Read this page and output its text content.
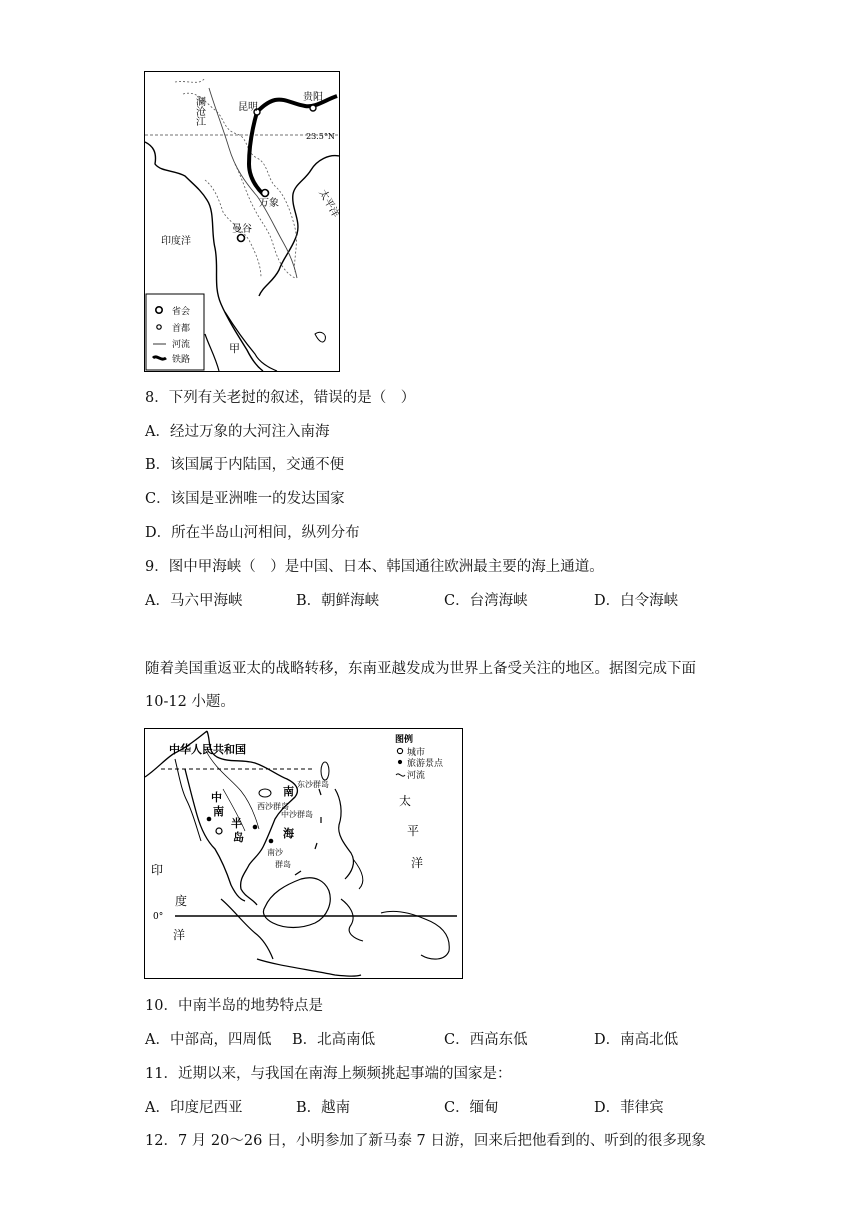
澜沧江	昆明
贵阳
23.5°N
万象	太平洋
印度洋
曼谷
甲
省会
首都
河流
铁路
8．下列有关老挝的叙述，错误的是（　）
A．经过万象的大河注入南海
B．该国属于内陆国，交通不便
C．该国是亚洲唯一的发达国家
D．所在半岛山河相间，纵列分布
9．图中甲海峡（　）是中国、日本、韩国通往欧洲最主要的海上通道。
A．马六甲海峡	B．朝鲜海峡	C．台湾海峡	D．白令海峡
随着美国重返亚太的战略转移，东南亚越发成为世界上备受关注的地区。据图完成下面
10-12 小题。
中华人民共和国
图例
城市
旅游景点
河流
东沙群岛
南
西沙群岛
中沙群岛
海
中
南
半
岛
南沙
群岛
太
平
洋
印
度
洋
0°
10．中南半岛的地势特点是
A．中部高，四周低 B．北高南低	C．西高东低	D．南高北低
11．近期以来，与我国在南海上频频挑起事端的国家是：
A．印度尼西亚	B．越南	C．缅甸	D．菲律宾
12．7 月 20～26 日，小明参加了新马泰 7 日游，回来后把他看到的、听到的很多现象
